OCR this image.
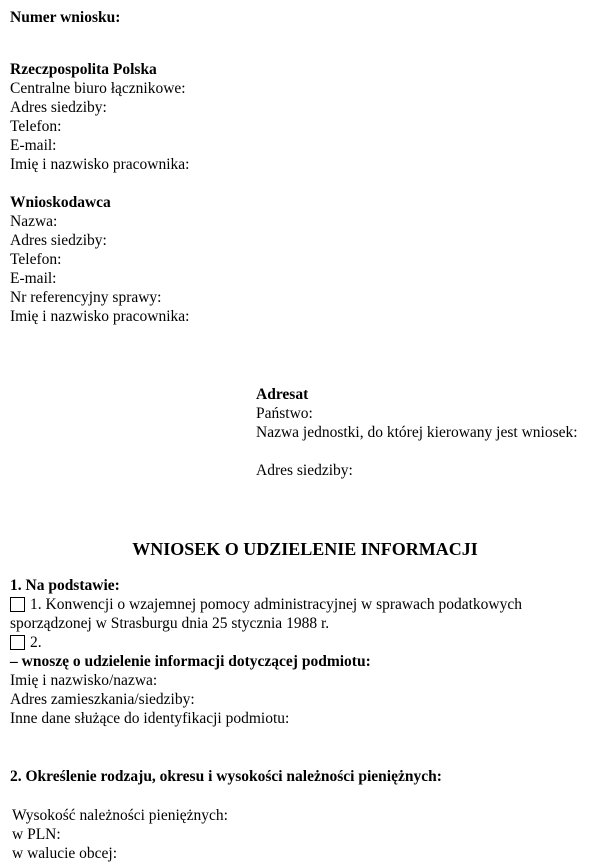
Numer wniosku:
Rzeczpospolita Polska
Centralne biuro łącznikowe:
Adres siedziby:
Telefon:
E-mail:
Imię i nazwisko pracownika:
Wnioskodawca
Nazwa:
Adres siedziby:
Telefon:
E-mail:
Nr referencyjny sprawy:
Imię i nazwisko pracownika:
Adresat
Państwo:
Nazwa jednostki, do której kierowany jest wniosek:
Adres siedziby:
WNIOSEK O UDZIELENIE INFORMACJI
1. Na podstawie:
1. Konwencji o wzajemnej pomocy administracyjnej w sprawach podatkowych
sporządzonej w Strasburgu dnia 25 stycznia 1988 r.
2.
– wnoszę o udzielenie informacji dotyczącej podmiotu:
Imię i nazwisko/nazwa:
Adres zamieszkania/siedziby:
Inne dane służące do identyfikacji podmiotu:
2. Określenie rodzaju, okresu i wysokości należności pieniężnych:
Wysokość należności pieniężnych:
w PLN:
w walucie obcej:
